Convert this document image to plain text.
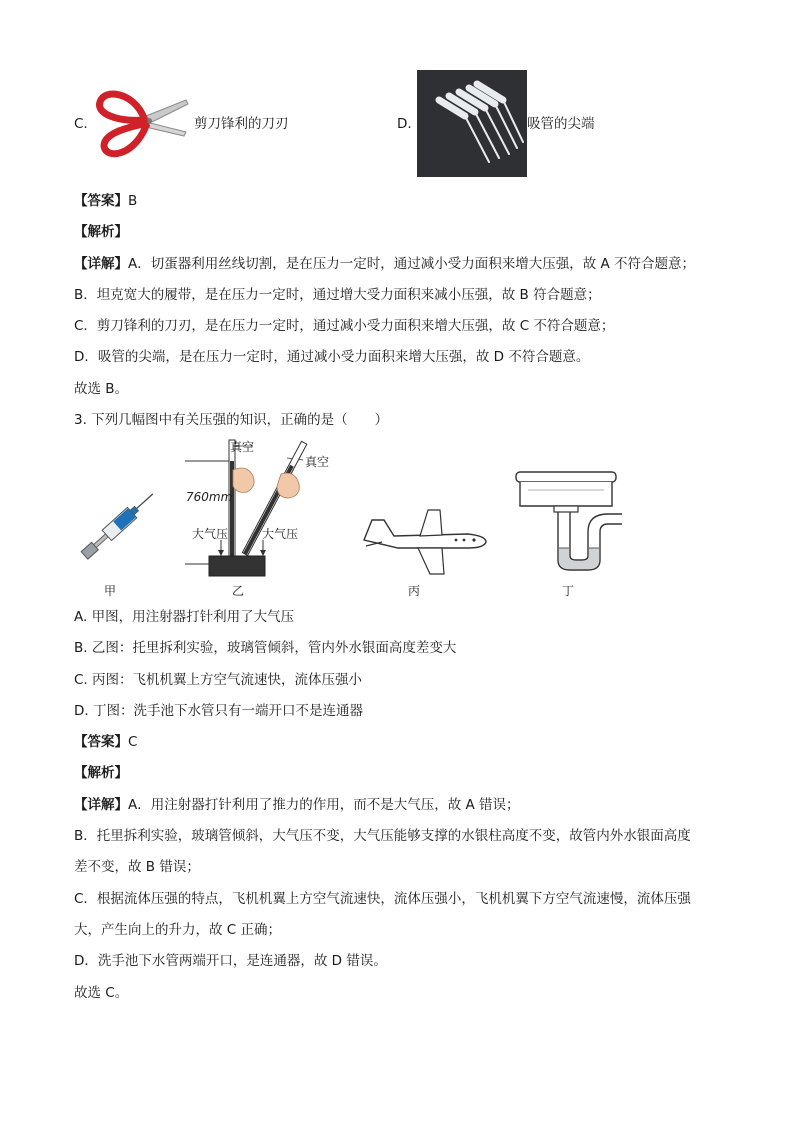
C.	剪刀锋利的刀刃	D.	吸管的尖端
【答案】B
【解析】
【详解】A．切蛋器利用丝线切割，是在压力一定时，通过减小受力面积来增大压强，故 A 不符合题意；
B．坦克宽大的履带，是在压力一定时，通过增大受力面积来减小压强，故 B 符合题意；
C．剪刀锋利的刀刃，是在压力一定时，通过减小受力面积来增大压强，故 C 不符合题意；
D．吸管的尖端，是在压力一定时，通过减小受力面积来增大压强，故 D 不符合题意。
故选 B。
3. 下列几幅图中有关压强的知识，正确的是（　　）
甲
真空
真空
760mm
大气压	大气压
乙	丙	丁
A. 甲图，用注射器打针利用了大气压
B. 乙图：托里拆利实验，玻璃管倾斜，管内外水银面高度差变大
C. 丙图：飞机机翼上方空气流速快，流体压强小
D. 丁图：洗手池下水管只有一端开口不是连通器
【答案】C
【解析】
【详解】A．用注射器打针利用了推力的作用，而不是大气压，故 A 错误；
B．托里拆利实验，玻璃管倾斜，大气压不变，大气压能够支撑的水银柱高度不变，故管内外水银面高度
差不变，故 B 错误；
C．根据流体压强的特点，飞机机翼上方空气流速快，流体压强小，飞机机翼下方空气流速慢，流体压强
大，产生向上的升力，故 C 正确；
D．洗手池下水管两端开口，是连通器，故 D 错误。
故选 C。
